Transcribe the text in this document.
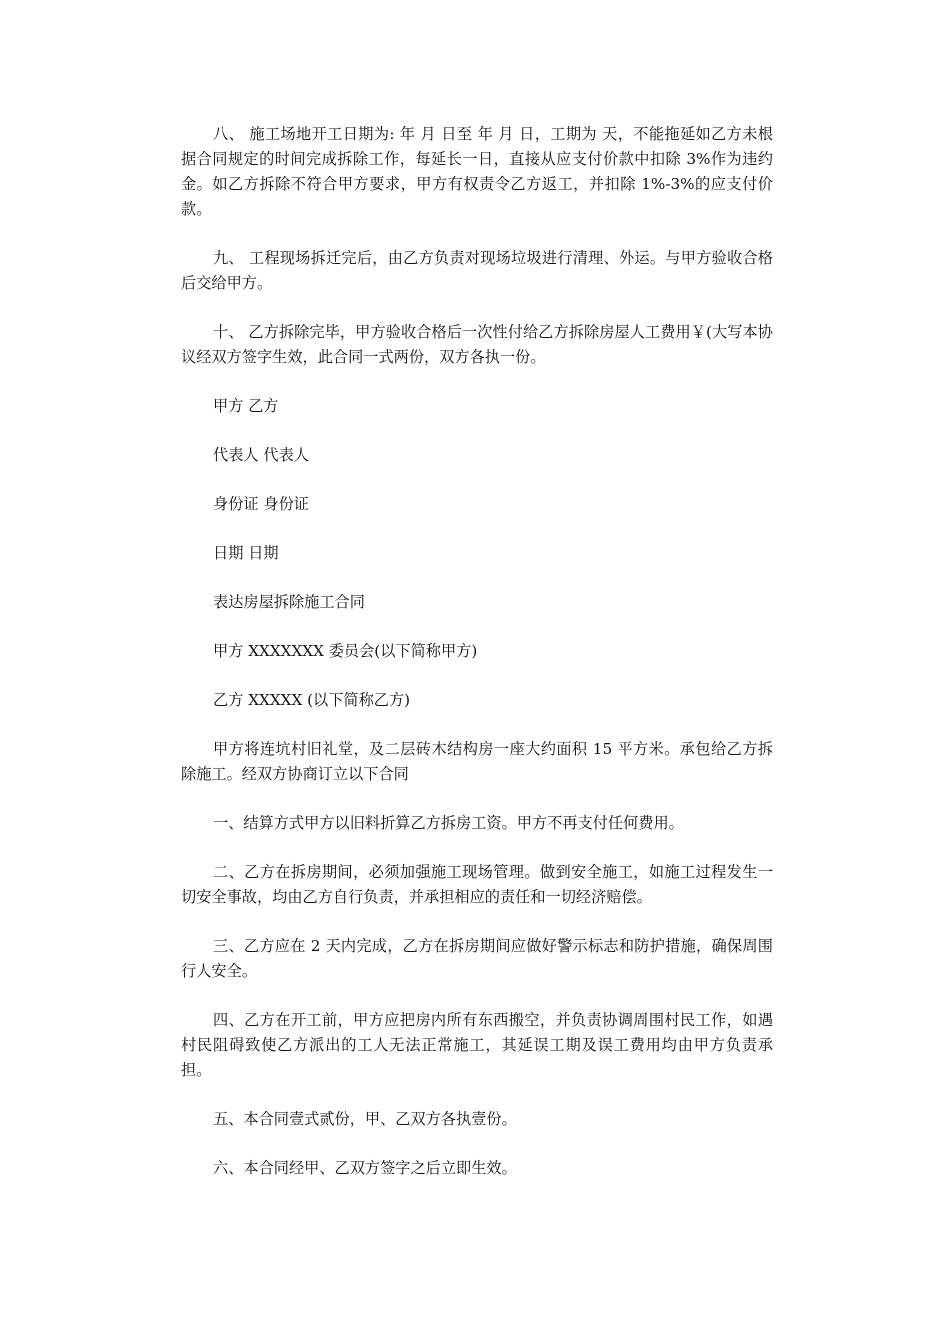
八、 施工场地开工日期为: 年 月 日至 年 月 日，工期为 天，不能拖延如乙方未根据合同规定的时间完成拆除工作，每延长一日，直接从应支付价款中扣除 3%作为违约金。如乙方拆除不符合甲方要求，甲方有权责令乙方返工，并扣除 1%-3%的应支付价款。

九、 工程现场拆迁完后，由乙方负责对现场垃圾进行清理、外运。与甲方验收合格后交给甲方。

十、 乙方拆除完毕，甲方验收合格后一次性付给乙方拆除房屋人工费用￥(大写本协议经双方签字生效，此合同一式两份，双方各执一份。

甲方 乙方

代表人 代表人

身份证 身份证

日期 日期

表达房屋拆除施工合同

甲方 XXXXXXX 委员会(以下简称甲方)

乙方 XXXXX (以下简称乙方)

甲方将连坑村旧礼堂，及二层砖木结构房一座大约面积 15 平方米。承包给乙方拆除施工。经双方协商订立以下合同

一、结算方式甲方以旧料折算乙方拆房工资。甲方不再支付任何费用。

二、乙方在拆房期间，必须加强施工现场管理。做到安全施工，如施工过程发生一切安全事故，均由乙方自行负责，并承担相应的责任和一切经济赔偿。

三、乙方应在 2 天内完成，乙方在拆房期间应做好警示标志和防护措施，确保周围行人安全。

四、乙方在开工前，甲方应把房内所有东西搬空，并负责协调周围村民工作，如遇村民阻碍致使乙方派出的工人无法正常施工，其延误工期及误工费用均由甲方负责承担。

五、本合同壹式贰份，甲、乙双方各执壹份。

六、本合同经甲、乙双方签字之后立即生效。
